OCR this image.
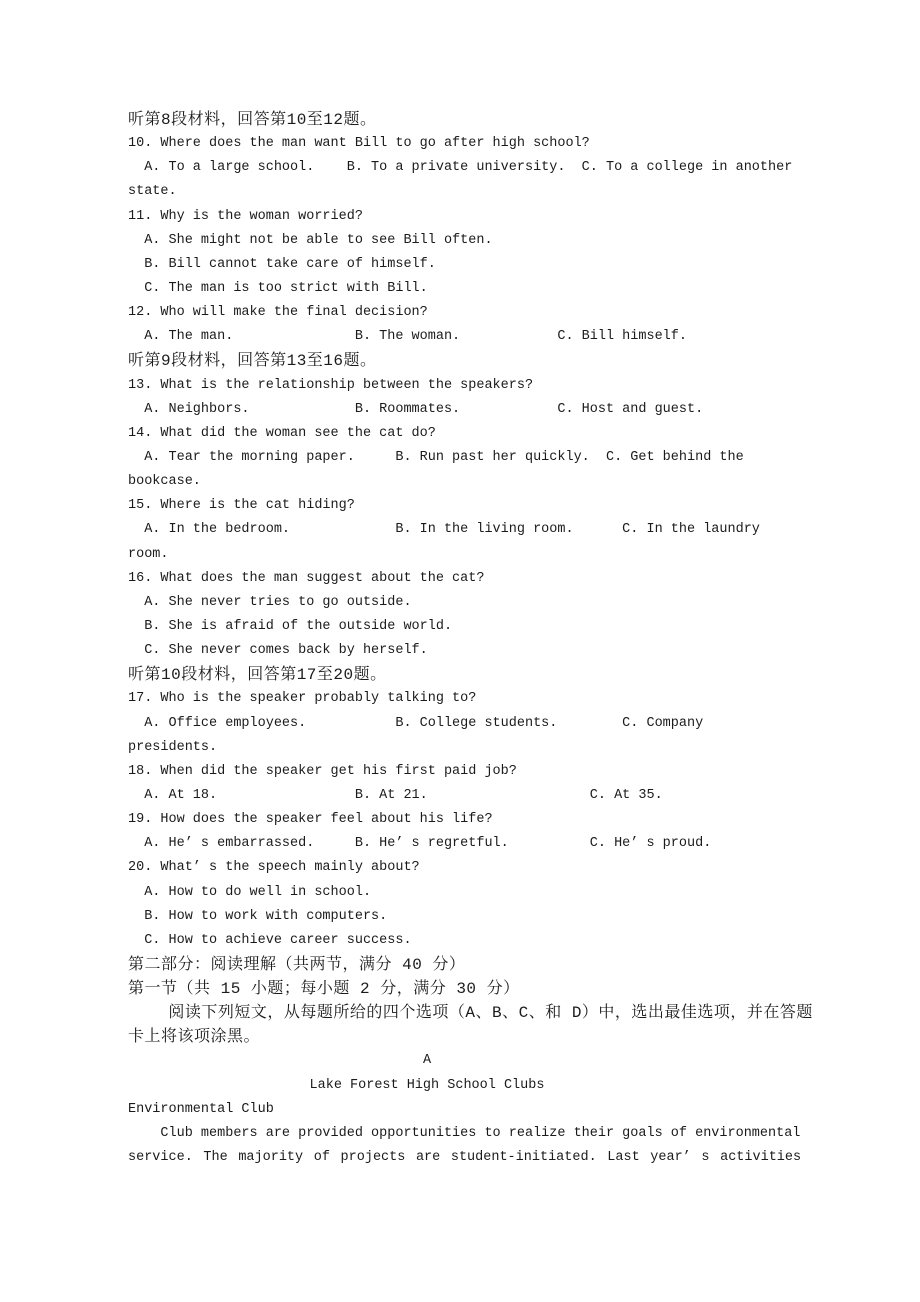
听第8段材料，回答第10至12题。
10. Where does the man want Bill to go after high school?
A. To a large school.    B. To a private university.  C. To a college in another
state.
11. Why is the woman worried?
A. She might not be able to see Bill often.
B. Bill cannot take care of himself.
C. The man is too strict with Bill.
12. Who will make the final decision?
A. The man.               B. The woman.            C. Bill himself.
听第9段材料，回答第13至16题。
13. What is the relationship between the speakers?
A. Neighbors.             B. Roommates.            C. Host and guest.
14. What did the woman see the cat do?
A. Tear the morning paper.     B. Run past her quickly.  C. Get behind the
bookcase.
15. Where is the cat hiding?
A. In the bedroom.             B. In the living room.      C. In the laundry
room.
16. What does the man suggest about the cat?
A. She never tries to go outside.
B. She is afraid of the outside world.
C. She never comes back by herself.
听第10段材料，回答第17至20题。
17. Who is the speaker probably talking to?
A. Office employees.           B. College students.        C. Company
presidents.
18. When did the speaker get his first paid job?
A. At 18.                 B. At 21.                    C. At 35.
19. How does the speaker feel about his life?
A. He’ s embarrassed.     B. He’ s regretful.          C. He’ s proud.
20. What’ s the speech mainly about?
A. How to do well in school.
B. How to work with computers.
C. How to achieve career success.
第二部分：阅读理解（共两节，满分 40 分）
第一节（共 15 小题；每小题 2 分，满分 30 分）
阅读下列短文，从每题所给的四个选项（A、B、C、和 D）中，选出最佳选项，并在答题
卡上将该项涂黑。
A
Lake Forest High School Clubs
Environmental Club
Club members are provided opportunities to realize their goals of environmental
service. The majority of projects are student-initiated. Last year’ s activities
